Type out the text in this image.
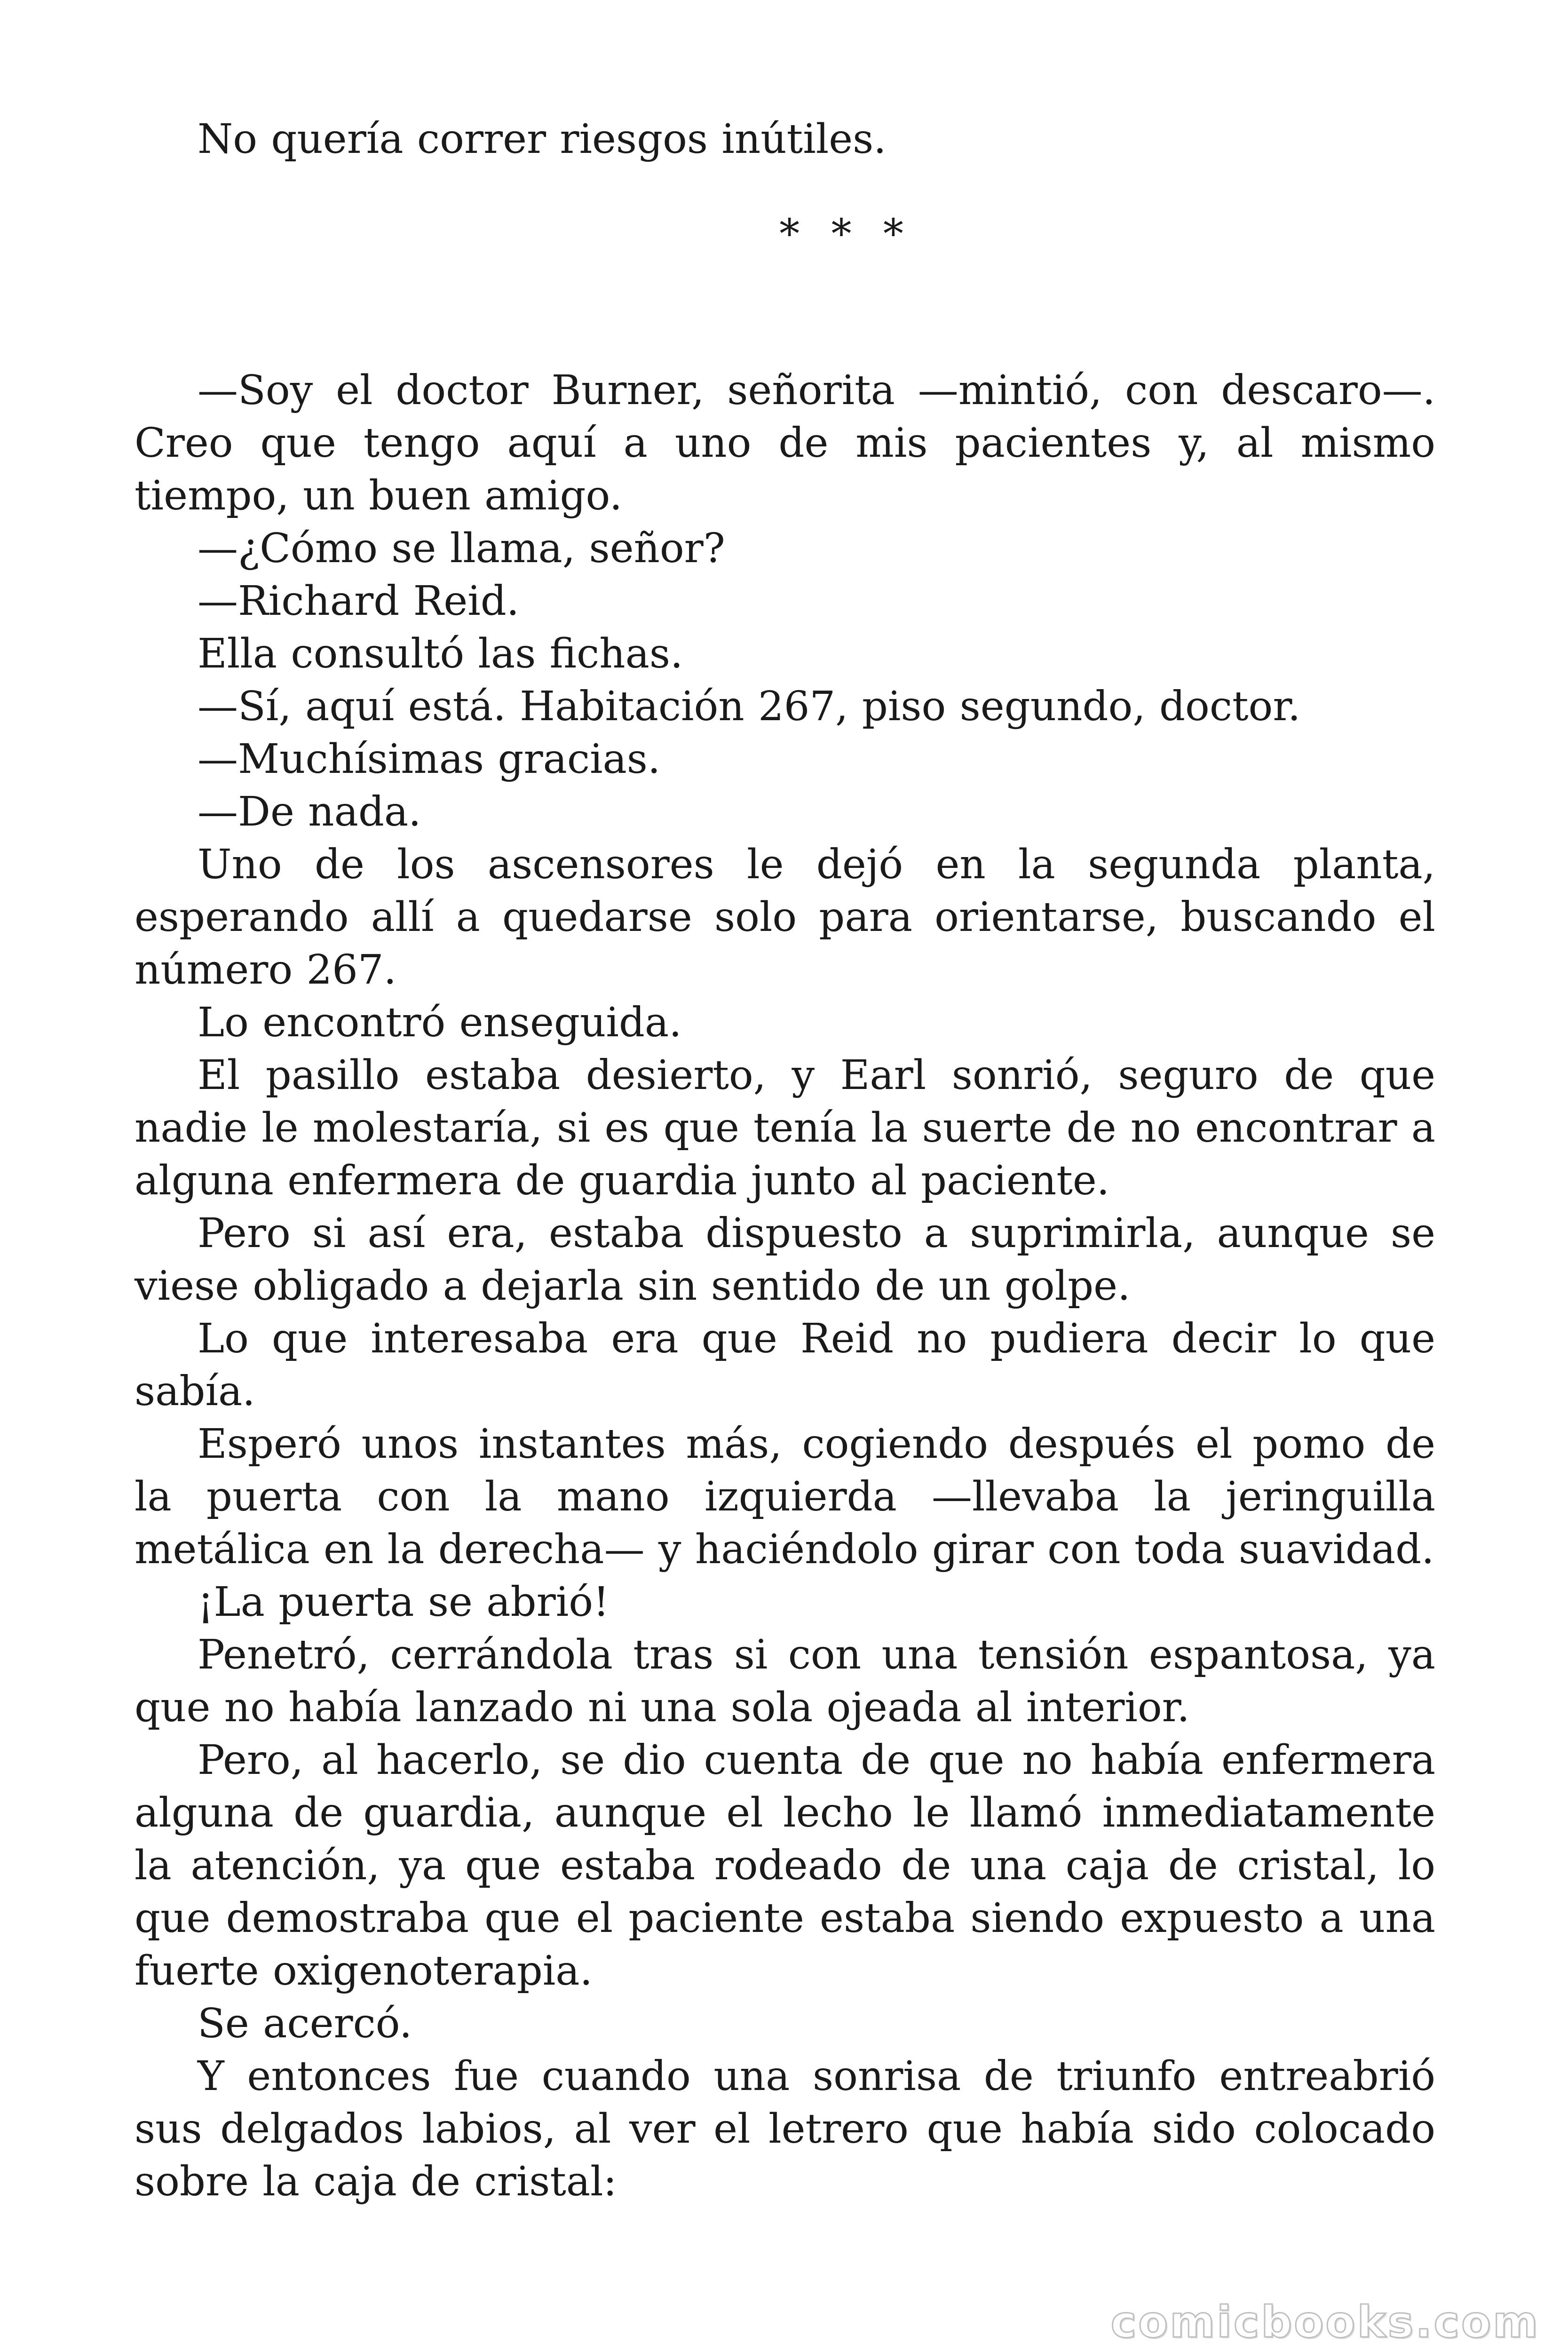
No quería correr riesgos inútiles.

* * *

—Soy el doctor Burner, señorita —mintió, con descaro—. Creo que tengo aquí a uno de mis pacientes y, al mismo tiempo, un buen amigo.

—¿Cómo se llama, señor?

—Richard Reid.

Ella consultó las fichas.

—Sí, aquí está. Habitación 267, piso segundo, doctor.

—Muchísimas gracias.

—De nada.

Uno de los ascensores le dejó en la segunda planta, esperando allí a quedarse solo para orientarse, buscando el número 267.

Lo encontró enseguida.

El pasillo estaba desierto, y Earl sonrió, seguro de que nadie le molestaría, si es que tenía la suerte de no encontrar a alguna enfermera de guardia junto al paciente.

Pero si así era, estaba dispuesto a suprimirla, aunque se viese obligado a dejarla sin sentido de un golpe.

Lo que interesaba era que Reid no pudiera decir lo que sabía.

Esperó unos instantes más, cogiendo después el pomo de la puerta con la mano izquierda —llevaba la jeringuilla metálica en la derecha— y haciéndolo girar con toda suavidad.

¡La puerta se abrió!

Penetró, cerrándola tras si con una tensión espantosa, ya que no había lanzado ni una sola ojeada al interior.

Pero, al hacerlo, se dio cuenta de que no había enfermera alguna de guardia, aunque el lecho le llamó inmediatamente la atención, ya que estaba rodeado de una caja de cristal, lo que demostraba que el paciente estaba siendo expuesto a una fuerte oxigenoterapia.

Se acercó.

Y entonces fue cuando una sonrisa de triunfo entreabrió sus delgados labios, al ver el letrero que había sido colocado sobre la caja de cristal:

comicbooks.com
